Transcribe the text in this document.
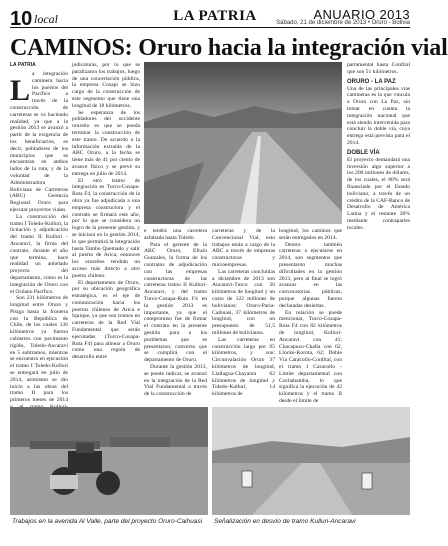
10 local	LA PATRIA	ANUARIO 2013
Sábado, 21 de diciembre de 2013 • Oruro - Bolivia
CAMINOS: Oruro hacia la integración vial
LA PATRIA
L a integración caminera hacia los puertos del Pacífico a través de la construcción de carreteras se va haciendo realidad, ya que a la gestión 2013 se avanzó a partir de la exigencia de los beneficiarios, es decir, pobladores de los municipios que se encuentran en ambos lados de la ruta, y de la voluntad de la Administradora Boliviana de Carreteras (ABC) Gerencia Regional Oruro para ejecutar proyectos viales.

La construcción del tramo I Toledo-Kulluri, la licitación y adjudicación del tramo II Kulluri - Ancaravi, la firma del contrato, durante el año que termina, hace realidad un anhelado proyecto del departamento, como es la integración de Oruro con el Océano Pacífico.

Son 231 kilómetros de longitud entre Oruro y Pisiga hasta la frontera con la República de Chile, de los cuales 136 kilómetros ya fueron cubiertos con pavimento rígido, Toledo-Ancaravi en 5 subtramos, mientras se encuentra en ejecución el tramo I Toledo-Kulluri se entregará en julio de 2014, asimismo se dio inicio a las obras del tramo II para los primeros meses de 2014

judicaturas, por lo que se paralizaron los trabajos, luego de una concertación pública, la empresa Cosapi se hizo cargo de la construcción de este segmento que tiene una longitud de 18 kilómetros.

Se esperanza de los pobladores del occidente orureño es que se pueda terminar la construcción de este tramo. De acuerdo a la información extraída de la ABC Oruro, a la fecha se tiene más de 41 por ciento de avance físico y se prevé su entrega en julio de 2014.

El otro tramo de integración es Turco-Cosapa-Ruta F4, la construcción de la obra ya fue adjudicada a una empresa constructora y el contrato se firmará este año, por lo que se considera un logro de la presente gestión, y se iniciará en la gestión 2014, lo que permitirá la integración hasta Tambo Quemado y salir al puerto de Arica, entonces los orureños tendrán un acceso más directo a otro puerto chileno.

El departamento de Oruro, por su ubicación geográfica estratégica, es el eje de comunicación hacia los puertos chilenos de Arica e Iquique, ya que son tramos en carreteras de la Red Vial Fundamental que serán ejecutadas (Turco-Cosapa-Ruta F4) para alinear a Oruro como una región de desarrollo entre

Ancaravi-Turco

e tendrá una carretera asfaltada hasta Toledo.

Para el gerente de la ABC Oruro, Efraín Gonzales, la forma de los contratos de adjudicación con las empresas constructoras de las carreteras tramo II Kulluri-Ancaravi, y del tramo Turco-Cosapa-Ruta F4 en la gestión 2013 es importante, ya que el compromiso fue de firmar el contrato en la presente gestión para a los problemas que se presentaron, converso que se cumplirá con el departamento de Oruro.

Durante la gestión 2013, se puede indicar, se avanzó en la integración de la Red Vial Fundamental a través de la construcción de

carreteras y de la Convencional Vial, esto trabajos están a cargo de la ABC a través de empresas constructoras y microempresas.

Las carreteras concluidas a diciembre de 2013 son Ancaravi-Turco con 36 kilómetros de longitud y un costo de 122 millones de bolivianos; Oruro-Paria-Caihuasi, 37 kilómetros de longitud, con un presupuesto de 51,5 millones de bolivianos.

Las carreteras en construcción largo por 95 kilómetros, y son: Circunvalación Oruro 37 kilómetros de longitud, Llallagua-Chayanta 62 kilómetros de longitud y Toledo-Kulluri, 14 kilómetros de

longitud, los caminos que serán entregados en 2014.

Dentro también carreteras a ejecutarse en 2014, son segmentos que presentaron muchas dificultades en la gestión 2013, pero al final se logró avanzar en las convocatorias públicas, porque algunas fueron declaradas desiertas.

En relación se puede mencionar, Turco-Cosapa-Ruta F4 con 82 kilómetros de longitud, Kulluri-Ancaravi con 41; Chacapuco-Challa con 62, Llocke-Korota, 62; Doble Vía Caracollo-Confital, con el tramo I Caracollo - Limite departamental con Cochabamba, lo que significa la ejecución de 42 kilómetros y el tramo II desde el límite de

partamental hasta Confital que son 51 kilómetros.

ORURO - LA PAZ

Una de las principales vías camineras es la que vincula a Oruro con La Paz, sin tomar en cuenta la integración nacional que está siendo intervenida para concluir la doble vía, cuya entrega está prevista para el 2014.

DOBLE VÍA

El proyecto demandará una inversión algo superior a los 200 millones de dólares, de los cuales, el 80% será financiado por el Estado boliviano, a través de un crédito de la CAF-Banco de Desarrollo de América Latina y el restante 20% mediante contrapartes locales.

Trabajos en la avenida Al Valle, parte del proyecto Oruro-Caihuasi Señalización en desvío de tramo Kulluri-Ancaravi
